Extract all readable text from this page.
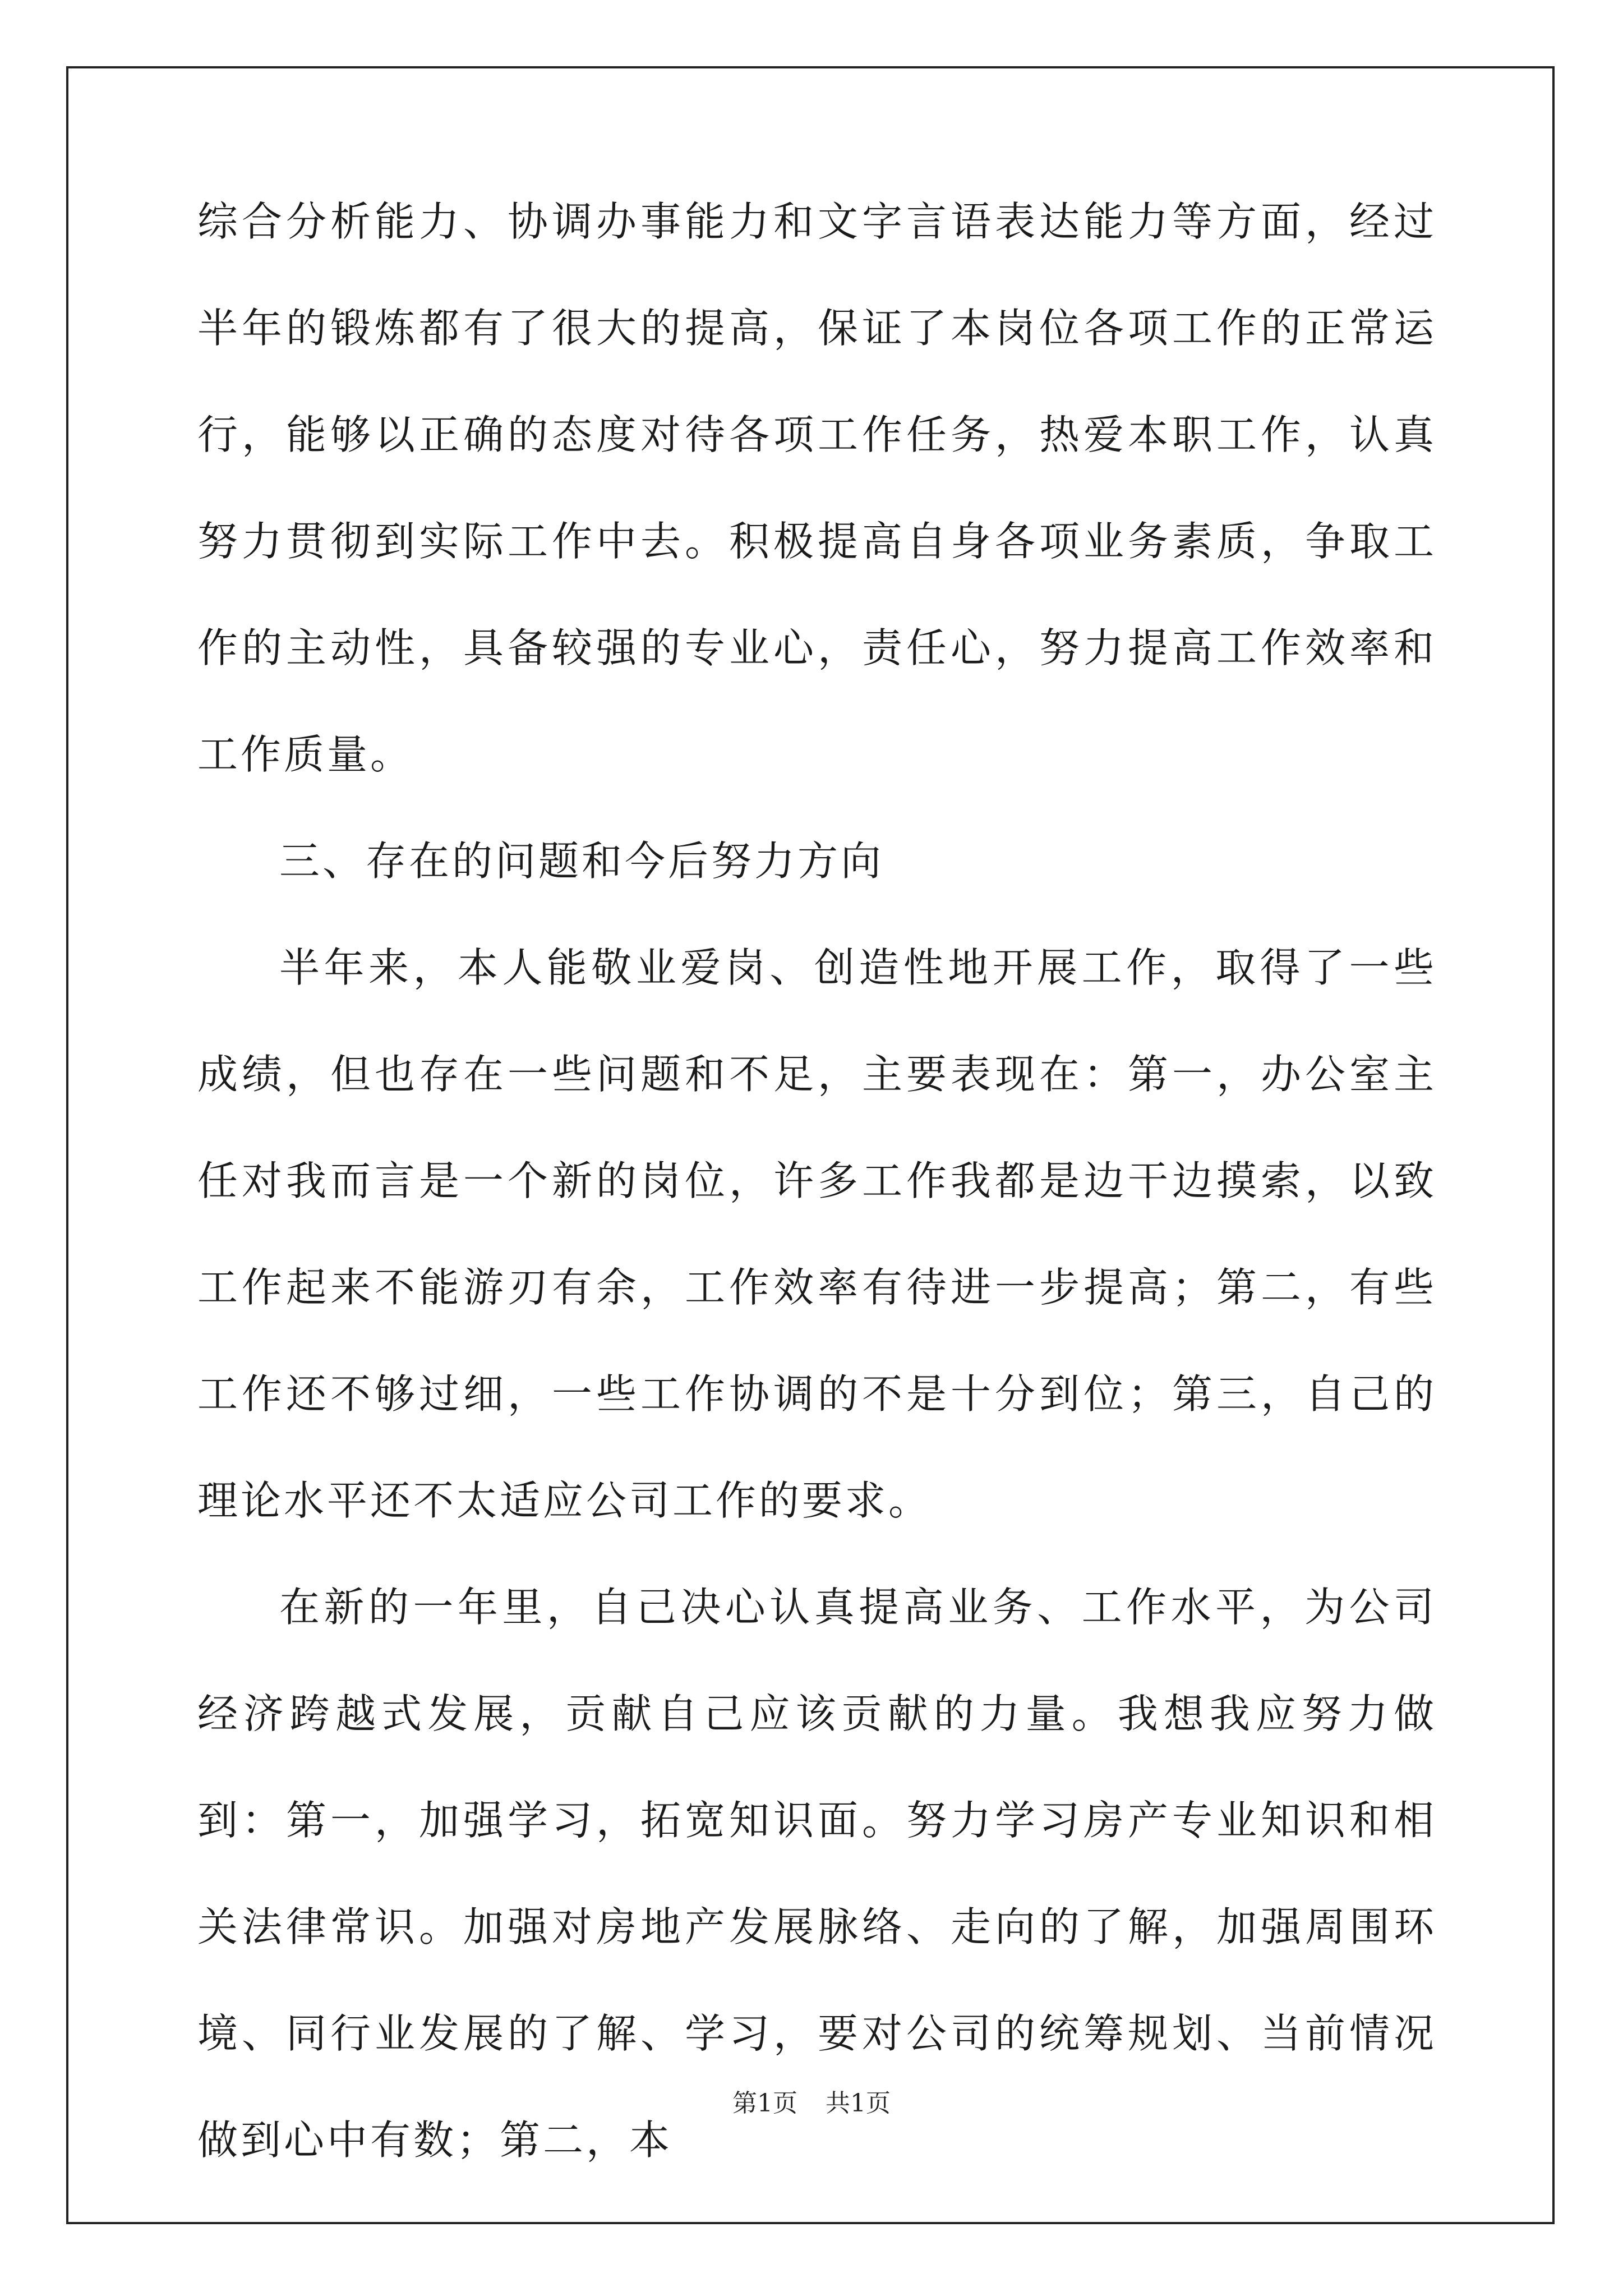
综合分析能力、协调办事能力和文字言语表达能力等方面，经过半年的锻炼都有了很大的提高，保证了本岗位各项工作的正常运行，能够以正确的态度对待各项工作任务，热爱本职工作，认真努力贯彻到实际工作中去。积极提高自身各项业务素质，争取工作的主动性，具备较强的专业心，责任心，努力提高工作效率和工作质量。

三、存在的问题和今后努力方向

半年来，本人能敬业爱岗、创造性地开展工作，取得了一些成绩，但也存在一些问题和不足，主要表现在：第一，办公室主任对我而言是一个新的岗位，许多工作我都是边干边摸索，以致工作起来不能游刃有余，工作效率有待进一步提高；第二，有些工作还不够过细，一些工作协调的不是十分到位；第三，自己的理论水平还不太适应公司工作的要求。

在新的一年里，自己决心认真提高业务、工作水平，为公司经济跨越式发展，贡献自己应该贡献的力量。我想我应努力做到：第一，加强学习，拓宽知识面。努力学习房产专业知识和相关法律常识。加强对房地产发展脉络、走向的了解，加强周围环境、同行业发展的了解、学习，要对公司的统筹规划、当前情况做到心中有数；第二，本

第1页 共1页
